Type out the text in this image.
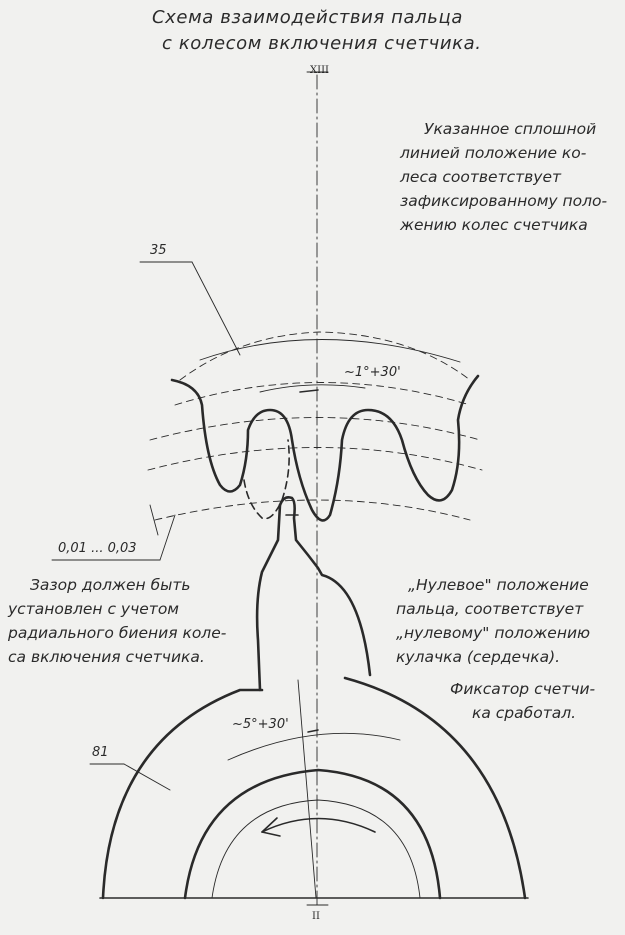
Схема взаимодействия пальца
с колесом включения счетчика.
XIII
II
Указанное сплошной
линией положение ко-
леса соответствует
зафиксированному поло-
жению колес счетчика
35
81
~1°+30'
~5°+30'
0,01 ... 0,03
Зазор должен быть
установлен с учетом
радиального биения коле-
са включения счетчика.
„Нулевое" положение
пальца, соответствует
„нулевому" положению
кулачка (сердечка).
Фиксатор счетчи-
ка сработал.
